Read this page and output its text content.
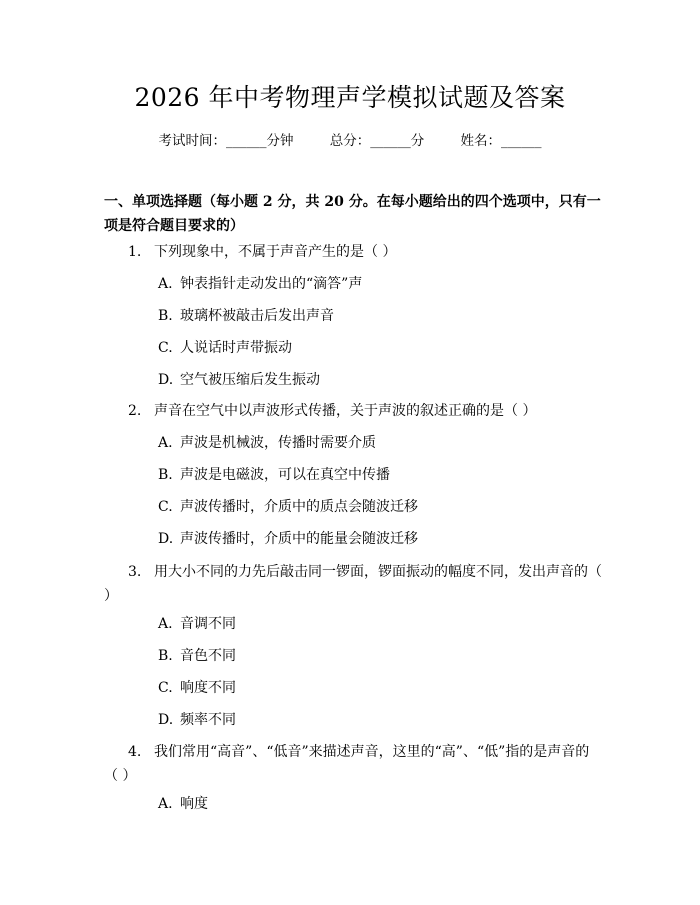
2026 年中考物理声学模拟试题及答案
考试时间：______分钟	总分：______分	姓名：______
一、单项选择题（每小题 2 分，共 20 分。在每小题给出的四个选项中，只有一项是符合题目要求的）
1. 下列现象中，不属于声音产生的是（ ）
A. 钟表指针走动发出的“滴答”声
B. 玻璃杯被敲击后发出声音
C. 人说话时声带振动
D. 空气被压缩后发生振动
2. 声音在空气中以声波形式传播，关于声波的叙述正确的是（ ）
A. 声波是机械波，传播时需要介质
B. 声波是电磁波，可以在真空中传播
C. 声波传播时，介质中的质点会随波迁移
D. 声波传播时，介质中的能量会随波迁移
3. 用大小不同的力先后敲击同一锣面，锣面振动的幅度不同，发出声音的（ ）
A. 音调不同
B. 音色不同
C. 响度不同
D. 频率不同
4. 我们常用“高音”、“低音”来描述声音，这里的“高”、“低”指的是声音的（ ）
A. 响度
